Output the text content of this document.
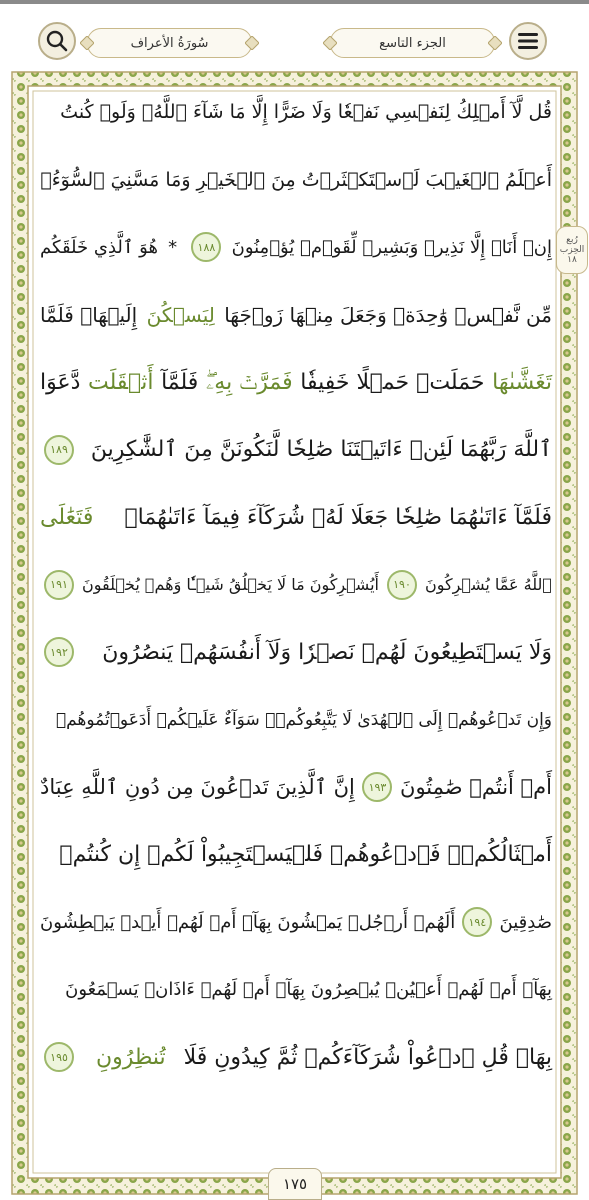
الجزء التاسع
سُورَةُ الأعراف
رُبع
الحِزب
١٨
قُل لَّآ أَمۡلِكُ لِنَفۡسِي نَفۡعٗا وَلَا ضَرًّا إِلَّا مَا شَآءَ ٱللَّهُۚ وَلَوۡ كُنتُ
أَعۡلَمُ ٱلۡغَيۡبَ لَٱسۡتَكۡثَرۡتُ مِنَ ٱلۡخَيۡرِ وَمَا مَسَّنِيَ ٱلسُّوٓءُۚ
إِنۡ أَنَا۠ إِلَّا نَذِيرٞ وَبَشِيرٞ لِّقَوۡمٖ يُؤۡمِنُونَ
١٨٨
*
هُوَ ٱلَّذِي خَلَقَكُم
مِّن نَّفۡسٖ وَٰحِدَةٖ وَجَعَلَ مِنۡهَا زَوۡجَهَا
لِيَسۡكُنَ
إِلَيۡهَاۖ فَلَمَّا
تَغَشَّىٰهَا
حَمَلَتۡ حَمۡلًا خَفِيفٗا
فَمَرَّتۡ بِهِۦۖ
فَلَمَّآ
أَثۡقَلَت
دَّعَوَا
ٱللَّهَ رَبَّهُمَا لَئِنۡ ءَاتَيۡتَنَا صَٰلِحٗا لَّنَكُونَنَّ مِنَ ٱلشَّٰكِرِينَ
١٨٩
فَلَمَّآ ءَاتَىٰهُمَا صَٰلِحٗا جَعَلَا لَهُۥ شُرَكَآءَ فِيمَآ ءَاتَىٰهُمَاۚ
فَتَعَٰلَى
ٱللَّهُ عَمَّا يُشۡرِكُونَ
١٩٠
أَيُشۡرِكُونَ مَا لَا يَخۡلُقُ شَيۡـٔٗا وَهُمۡ يُخۡلَقُونَ
١٩١
وَلَا يَسۡتَطِيعُونَ لَهُمۡ نَصۡرٗا وَلَآ أَنفُسَهُمۡ يَنصُرُونَ
١٩٢
وَإِن تَدۡعُوهُمۡ إِلَى ٱلۡهُدَىٰ لَا يَتَّبِعُوكُمۡۚ سَوَآءٌ عَلَيۡكُمۡ أَدَعَوۡتُمُوهُمۡ
أَمۡ أَنتُمۡ صَٰمِتُونَ
١٩٣
إِنَّ ٱلَّذِينَ تَدۡعُونَ مِن دُونِ ٱللَّهِ عِبَادٌ
أَمۡثَالُكُمۡۖ فَٱدۡعُوهُمۡ فَلۡيَسۡتَجِيبُواْ لَكُمۡ إِن كُنتُمۡ
صَٰدِقِينَ
١٩٤
أَلَهُمۡ أَرۡجُلٞ يَمۡشُونَ بِهَآۖ أَمۡ لَهُمۡ أَيۡدٖ يَبۡطِشُونَ
بِهَآۖ أَمۡ لَهُمۡ أَعۡيُنٞ يُبۡصِرُونَ بِهَآۖ أَمۡ لَهُمۡ ءَاذَانٞ يَسۡمَعُونَ
بِهَاۗ قُلِ ٱدۡعُواْ شُرَكَآءَكُمۡ ثُمَّ كِيدُونِ فَلَا
تُنظِرُونِ
١٩٥
١٧٥
